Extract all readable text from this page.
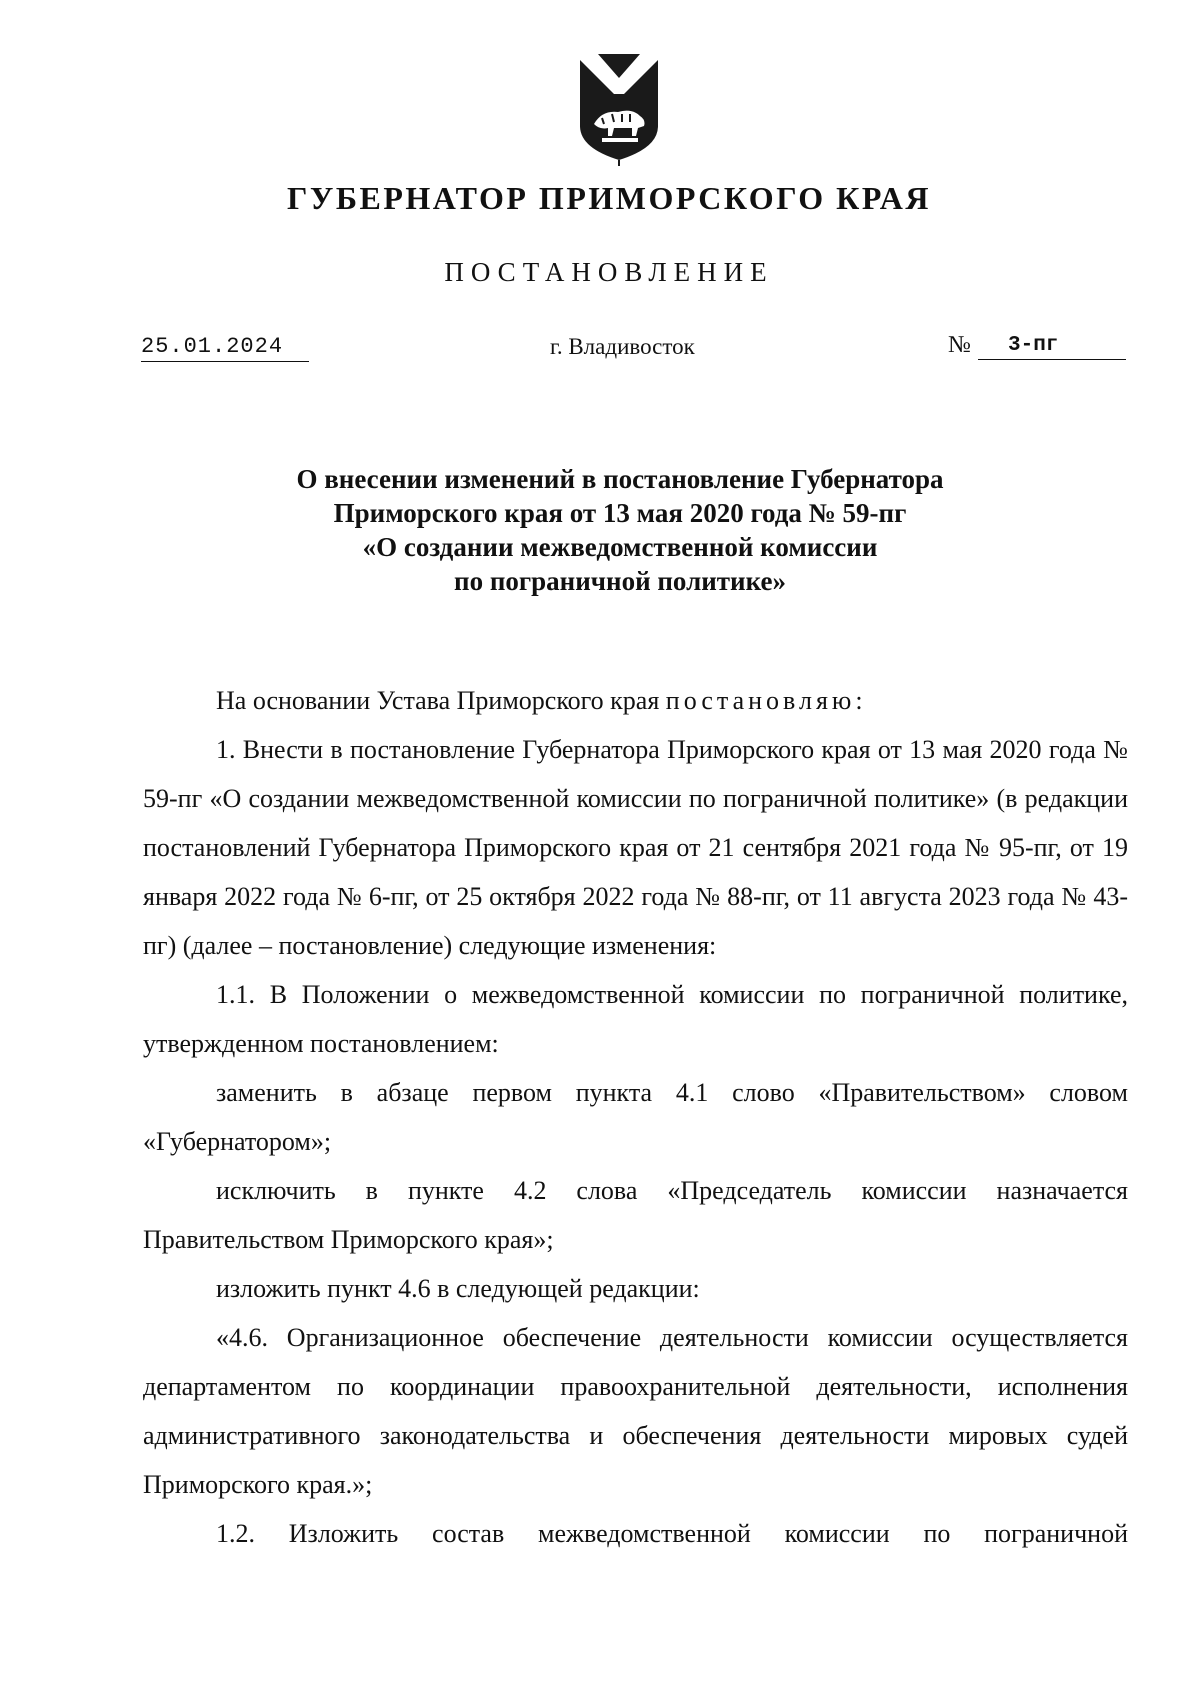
ГУБЕРНАТОР ПРИМОРСКОГО КРАЯ
ПОСТАНОВЛЕНИЕ
25.01.2024	г. Владивосток	№	3-пг
О внесении изменений в постановление Губернатора
Приморского края от 13 мая 2020 года № 59-пг
«О создании межведомственной комиссии
по пограничной политике»

На основании Устава Приморского края постановляю:

1. Внести в постановление Губернатора Приморского края от 13 мая 2020 года № 59-пг «О создании межведомственной комиссии по пограничной политике» (в редакции постановлений Губернатора Приморского края от 21 сентября 2021 года № 95-пг, от 19 января 2022 года № 6-пг, от 25 октября 2022 года № 88-пг, от 11 августа 2023 года № 43-пг) (далее – постановление) следующие изменения:

1.1. В Положении о межведомственной комиссии по пограничной политике, утвержденном постановлением:

заменить в абзаце первом пункта 4.1 слово «Правительством» словом «Губернатором»;

исключить в пункте 4.2 слова «Председатель комиссии назначается Правительством Приморского края»;

изложить пункт 4.6 в следующей редакции:

«4.6. Организационное обеспечение деятельности комиссии осуществляется департаментом по координации правоохранительной деятельности, исполнения административного законодательства и обеспечения деятельности мировых судей Приморского края.»;

1.2. Изложить состав межведомственной комиссии по пограничной
